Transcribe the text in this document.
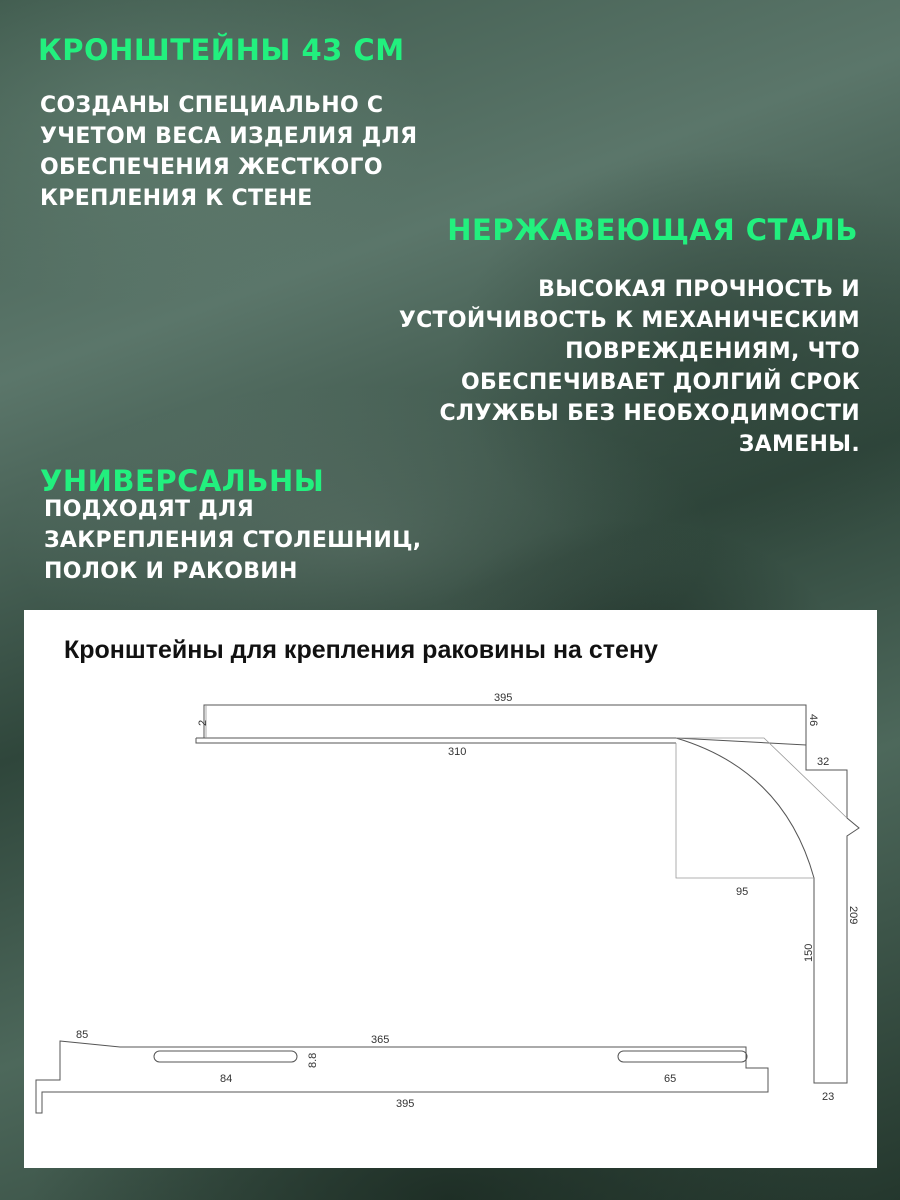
КРОНШТЕЙНЫ 43 СМ
СОЗДАНЫ СПЕЦИАЛЬНО С
УЧЕТОМ ВЕСА ИЗДЕЛИЯ ДЛЯ
ОБЕСПЕЧЕНИЯ ЖЕСТКОГО
КРЕПЛЕНИЯ К СТЕНЕ
НЕРЖАВЕЮЩАЯ СТАЛЬ
ВЫСОКАЯ ПРОЧНОСТЬ И
УСТОЙЧИВОСТЬ К МЕХАНИЧЕСКИМ
ПОВРЕЖДЕНИЯМ, ЧТО
ОБЕСПЕЧИВАЕТ ДОЛГИЙ СРОК
СЛУЖБЫ БЕЗ НЕОБХОДИМОСТИ
ЗАМЕНЫ.
УНИВЕРСАЛЬНЫ
ПОДХОДЯТ ДЛЯ
ЗАКРЕПЛЕНИЯ СТОЛЕШНИЦ,
ПОЛОК И РАКОВИН
Кронштейны для крепления раковины на стену
395
2
310
46
32
95
150
209
23
85	365
84
8.8
65
395
